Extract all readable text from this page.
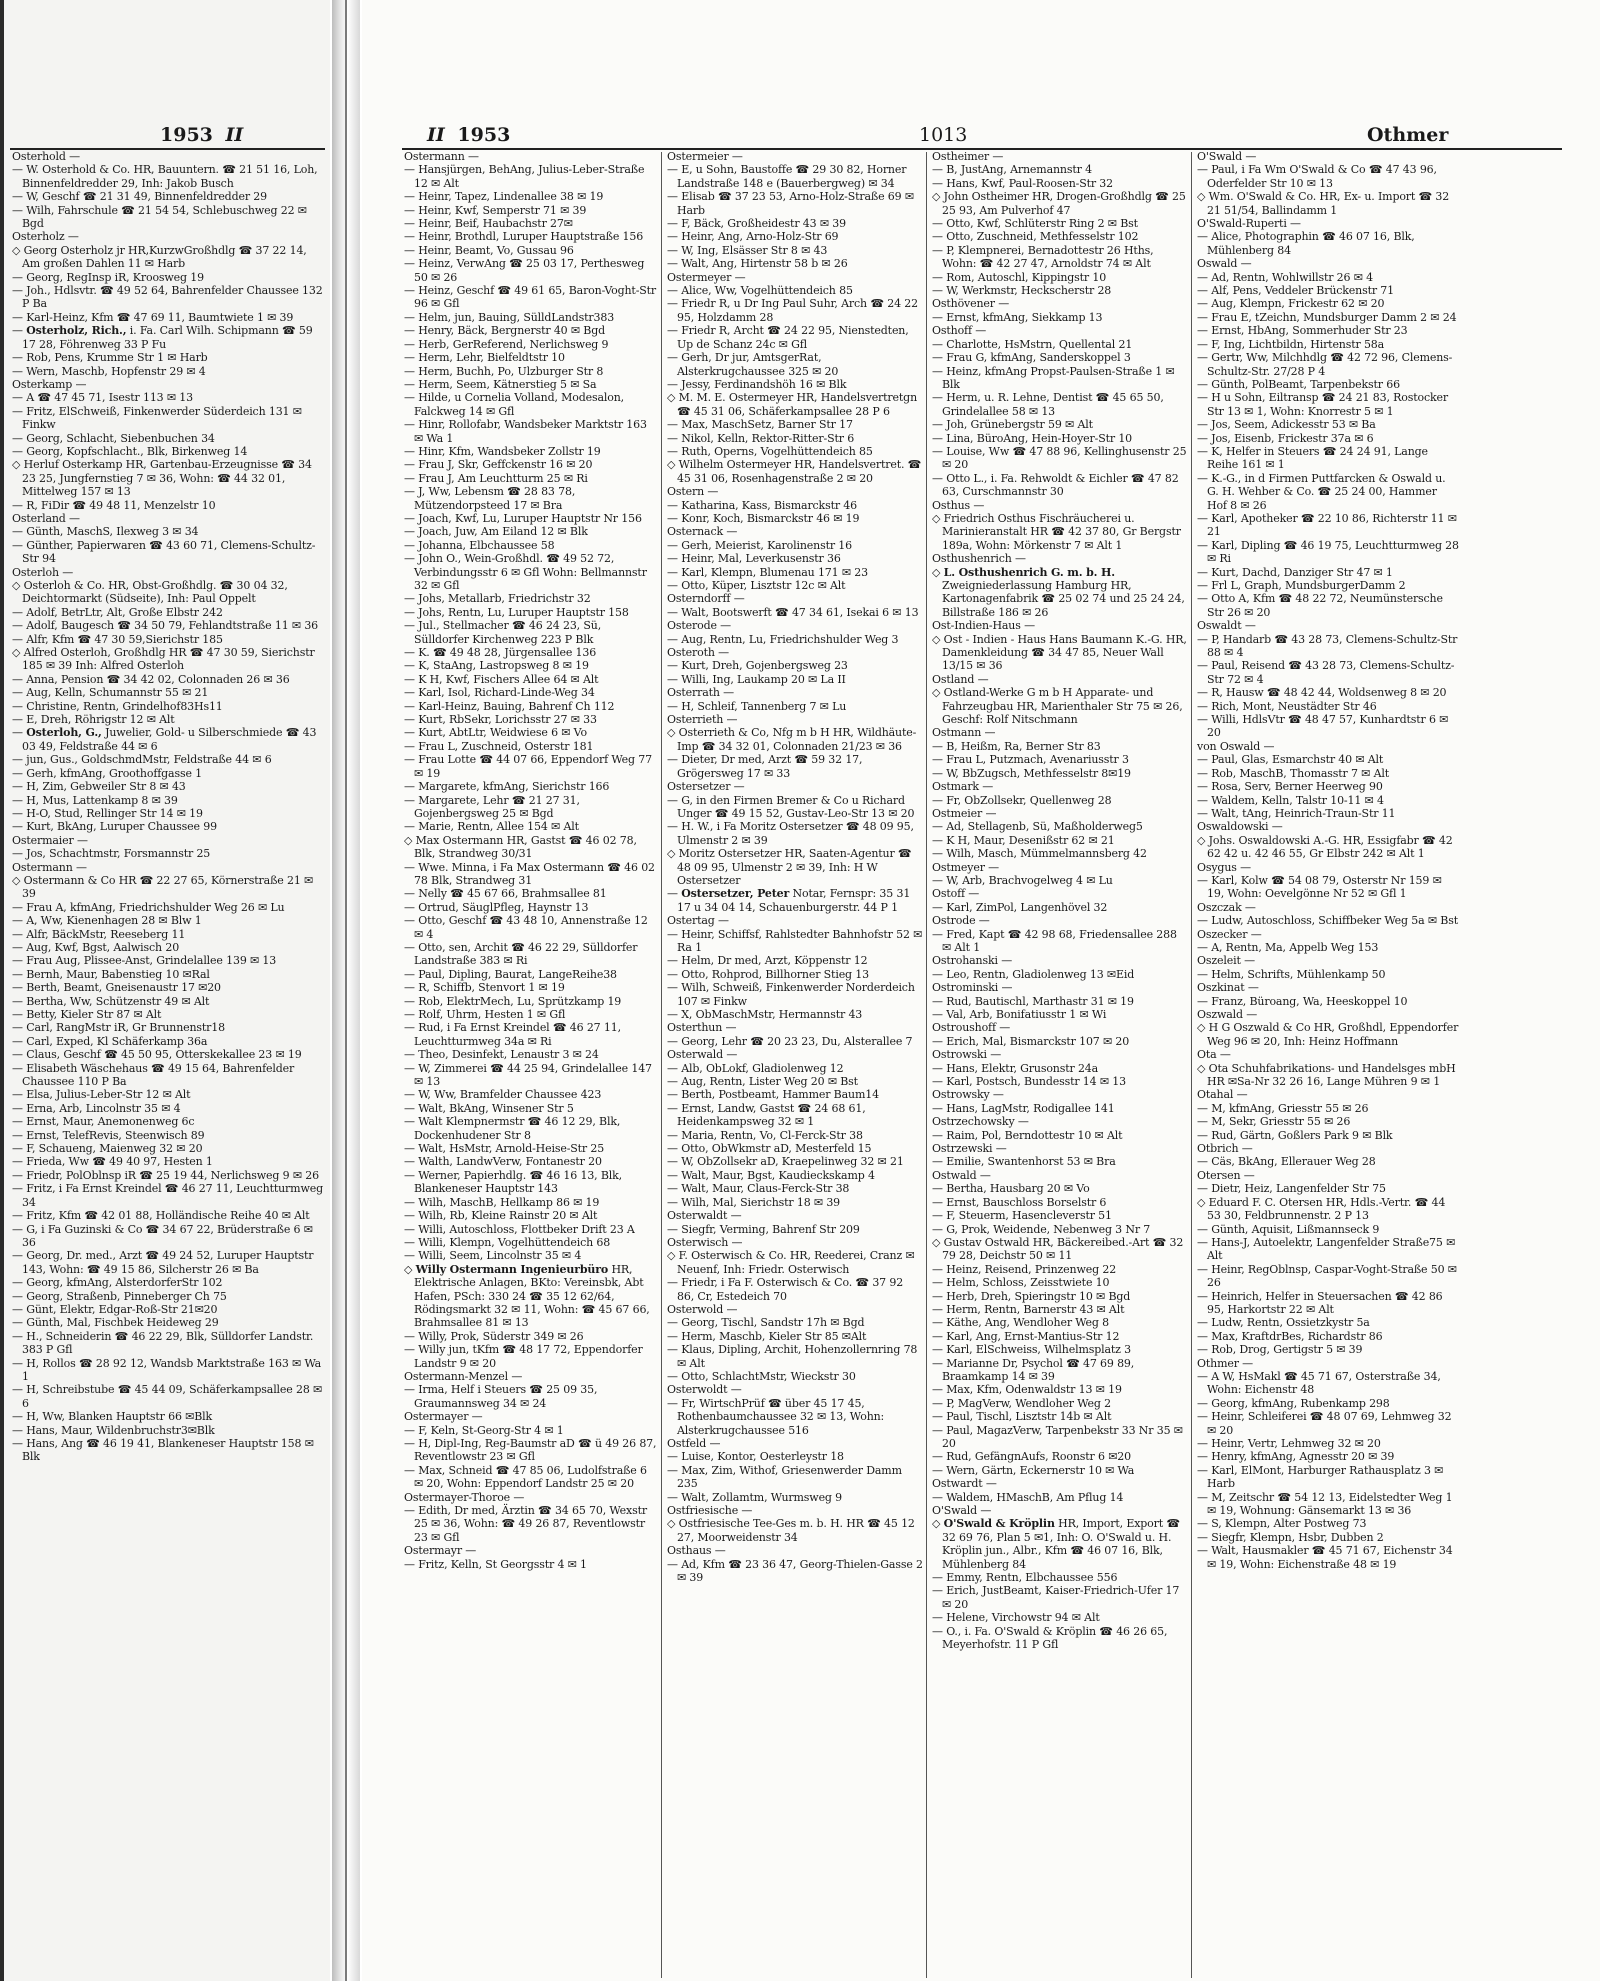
1953 II

Osterhold —

— W. Osterhold & Co. HR, Bauuntern. ☎ 21 51 16, Loh, Binnenfeldredder 29, Inh: Jakob Busch

— W, Geschf ☎ 21 31 49, Binnenfeldredder 29

— Wilh, Fahrschule ☎ 21 54 54, Schlebuschweg 22 ✉ Bgd

Osterholz —

◇ Georg Osterholz jr HR,KurzwGroßhdlg ☎ 37 22 14, Am großen Dahlen 11 ✉ Harb

— Georg, RegInsp iR, Kroosweg 19

— Joh., Hdlsvtr. ☎ 49 52 64, Bahrenfelder Chaussee 132 P Ba

— Karl-Heinz, Kfm ☎ 47 69 11, Baumtwiete 1 ✉ 39

— Osterholz, Rich., i. Fa. Carl Wilh. Schipmann ☎ 59 17 28, Föhrenweg 33 P Fu

— Rob, Pens, Krumme Str 1 ✉ Harb

— Wern, Maschb, Hopfenstr 29 ✉ 4

Osterkamp —

— A ☎ 47 45 71, Isestr 113 ✉ 13

— Fritz, ElSchweiß, Finkenwerder Süderdeich 131 ✉ Finkw

— Georg, Schlacht, Siebenbuchen 34

— Georg, Kopfschlacht., Blk, Birkenweg 14

◇ Herluf Osterkamp HR, Gartenbau-Erzeugnisse ☎ 34 23 25, Jungfernstieg 7 ✉ 36, Wohn: ☎ 44 32 01, Mittelweg 157 ✉ 13

— R, FiDir ☎ 49 48 11, Menzelstr 10

Osterland —

— Günth, MaschS, Ilexweg 3 ✉ 34

— Günther, Papierwaren ☎ 43 60 71, Clemens-Schultz-Str 94

Osterloh —

◇ Osterloh & Co. HR, Obst-Großhdlg. ☎ 30 04 32, Deichtormarkt (Südseite), Inh: Paul Oppelt

— Adolf, BetrLtr, Alt, Große Elbstr 242

— Adolf, Baugesch ☎ 34 50 79, Fehlandtstraße 11 ✉ 36

— Alfr, Kfm ☎ 47 30 59,Sierichstr 185

◇ Alfred Osterloh, Großhdlg HR ☎ 47 30 59, Sierichstr 185 ✉ 39 Inh: Alfred Osterloh

— Anna, Pension ☎ 34 42 02, Colonnaden 26 ✉ 36

— Aug, Kelln, Schumannstr 55 ✉ 21

— Christine, Rentn, Grindelhof83Hs11

— E, Dreh, Röhrigstr 12 ✉ Alt

— Osterloh, G., Juwelier, Gold- u Silberschmiede ☎ 43 03 49, Feldstraße 44 ✉ 6

— jun, Gus., GoldschmdMstr, Feldstraße 44 ✉ 6

— Gerh, kfmAng, Groothoffgasse 1

— H, Zim, Gebweiler Str 8 ✉ 43

— H, Mus, Lattenkamp 8 ✉ 39

— H-O, Stud, Rellinger Str 14 ✉ 19

— Kurt, BkAng, Luruper Chaussee 99

Ostermaier —

— Jos, Schachtmstr, Forsmannstr 25

Ostermann —

◇ Ostermann & Co HR ☎ 22 27 65, Körnerstraße 21 ✉ 39

— Frau A, kfmAng, Friedrichshulder Weg 26 ✉ Lu

— A, Ww, Kienenhagen 28 ✉ Blw 1

— Alfr, BäckMstr, Reeseberg 11

— Aug, Kwf, Bgst, Aalwisch 20

— Frau Aug, Plissee-Anst, Grindelallee 139 ✉ 13

— Bernh, Maur, Babenstieg 10 ✉Ral

— Berth, Beamt, Gneisenaustr 17 ✉20

— Bertha, Ww, Schützenstr 49 ✉ Alt

— Betty, Kieler Str 87 ✉ Alt

— Carl, RangMstr iR, Gr Brunnenstr18

— Carl, Exped, Kl Schäferkamp 36a

— Claus, Geschf ☎ 45 50 95, Otterskekallee 23 ✉ 19

— Elisabeth Wäschehaus ☎ 49 15 64, Bahrenfelder Chaussee 110 P Ba

— Elsa, Julius-Leber-Str 12 ✉ Alt

— Erna, Arb, Lincolnstr 35 ✉ 4

— Ernst, Maur, Anemonenweg 6c

— Ernst, TelefRevis, Steenwisch 89

— F, Schaueng, Maienweg 32 ✉ 20

— Frieda, Ww ☎ 49 40 97, Hesten 1

— Friedr, PolOblnsp iR ☎ 25 19 44, Nerlichsweg 9 ✉ 26

— Fritz, i Fa Ernst Kreindel ☎ 46 27 11, Leuchtturmweg 34

— Fritz, Kfm ☎ 42 01 88, Holländische Reihe 40 ✉ Alt

— G, i Fa Guzinski & Co ☎ 34 67 22, Brüderstraße 6 ✉ 36

— Georg, Dr. med., Arzt ☎ 49 24 52, Luruper Hauptstr 143, Wohn: ☎ 49 15 86, Silcherstr 26 ✉ Ba

— Georg, kfmAng, AlsterdorferStr 102

— Georg, Straßenb, Pinneberger Ch 75

— Günt, Elektr, Edgar-Roß-Str 21✉20

— Günth, Mal, Fischbek Heideweg 29

— H., Schneiderin ☎ 46 22 29, Blk, Sülldorfer Landstr. 383 P Gfl

— H, Rollos ☎ 28 92 12, Wandsb Marktstraße 163 ✉ Wa 1

— H, Schreibstube ☎ 45 44 09, Schäferkampsallee 28 ✉ 6

— H, Ww, Blanken Hauptstr 66 ✉Blk

— Hans, Maur, Wildenbruchstr3✉Blk

— Hans, Ang ☎ 46 19 41, Blankeneser Hauptstr 158 ✉ Blk

II 1953	1013	Othmer

Ostermann —

— Hansjürgen, BehAng, Julius-Leber-Straße 12 ✉ Alt

— Heinr, Tapez, Lindenallee 38 ✉ 19

— Heinr, Kwf, Semperstr 71 ✉ 39

— Heinr, Beif, Haubachstr 27✉

— Heinr, Brothdl, Luruper Hauptstraße 156

— Heinr, Beamt, Vo, Gussau 96

— Heinz, VerwAng ☎ 25 03 17, Perthesweg 50 ✉ 26

— Heinz, Geschf ☎ 49 61 65, Baron-Voght-Str 96 ✉ Gfl

— Helm, jun, Bauing, SülldLandstr383

— Henry, Bäck, Bergnerstr 40 ✉ Bgd

— Herb, GerReferend, Nerlichsweg 9

— Herm, Lehr, Bielfeldtstr 10

— Herm, Buchh, Po, Ulzburger Str 8

— Herm, Seem, Kätnerstieg 5 ✉ Sa

— Hilde, u Cornelia Volland, Modesalon, Falckweg 14 ✉ Gfl

— Hinr, Rollofabr, Wandsbeker Marktstr 163 ✉ Wa 1

— Hinr, Kfm, Wandsbeker Zollstr 19

— Frau J, Skr, Geffckenstr 16 ✉ 20

— Frau J, Am Leuchtturm 25 ✉ Ri

— J, Ww, Lebensm ☎ 28 83 78, Mützendorpsteed 17 ✉ Bra

— Joach, Kwf, Lu, Luruper Hauptstr Nr 156

— Joach, Juw, Am Eiland 12 ✉ Blk

— Johanna, Elbchaussee 58

— John O., Wein-Großhdl. ☎ 49 52 72, Verbindungsstr 6 ✉ Gfl Wohn: Bellmannstr 32 ✉ Gfl

— Johs, Metallarb, Friedrichstr 32

— Johs, Rentn, Lu, Luruper Hauptstr 158

— Jul., Stellmacher ☎ 46 24 23, Sü, Sülldorfer Kirchenweg 223 P Blk

— K. ☎ 49 48 28, Jürgensallee 136

— K, StaAng, Lastropsweg 8 ✉ 19

— K H, Kwf, Fischers Allee 64 ✉ Alt

— Karl, Isol, Richard-Linde-Weg 34

— Karl-Heinz, Bauing, Bahrenf Ch 112

— Kurt, RbSekr, Lorichsstr 27 ✉ 33

— Kurt, AbtLtr, Weidwiese 6 ✉ Vo

— Frau L, Zuschneid, Osterstr 181

— Frau Lotte ☎ 44 07 66, Eppendorf Weg 77 ✉ 19

— Margarete, kfmAng, Sierichstr 166

— Margarete, Lehr ☎ 21 27 31, Gojenbergsweg 25 ✉ Bgd

— Marie, Rentn, Allee 154 ✉ Alt

◇ Max Ostermann HR, Gastst ☎ 46 02 78, Blk, Strandweg 30/31

— Wwe. Minna, i Fa Max Ostermann ☎ 46 02 78 Blk, Strandweg 31

— Nelly ☎ 45 67 66, Brahmsallee 81

— Ortrud, SäuglPfleg, Haynstr 13

— Otto, Geschf ☎ 43 48 10, Annenstraße 12 ✉ 4

— Otto, sen, Archit ☎ 46 22 29, Sülldorfer Landstraße 383 ✉ Ri

— Paul, Dipling, Baurat, LangeReihe38

— R, Schiffb, Stenvort 1 ✉ 19

— Rob, ElektrMech, Lu, Sprützkamp 19

— Rolf, Uhrm, Hesten 1 ✉ Gfl

— Rud, i Fa Ernst Kreindel ☎ 46 27 11, Leuchtturmweg 34a ✉ Ri

— Theo, Desinfekt, Lenaustr 3 ✉ 24

— W, Zimmerei ☎ 44 25 94, Grindelallee 147 ✉ 13

— W, Ww, Bramfelder Chaussee 423

— Walt, BkAng, Winsener Str 5

— Walt Klempnermstr ☎ 46 12 29, Blk, Dockenhudener Str 8

— Walt, HsMstr, Arnold-Heise-Str 25

— Walth, LandwVerw, Fontanestr 20

— Werner, Papierhdlg. ☎ 46 16 13, Blk, Blankeneser Hauptstr 143

— Wilh, MaschB, Hellkamp 86 ✉ 19

— Wilh, Rb, Kleine Rainstr 20 ✉ Alt

— Willi, Autoschloss, Flottbeker Drift 23 A

— Willi, Klempn, Vogelhüttendeich 68

— Willi, Seem, Lincolnstr 35 ✉ 4

◇ Willy Ostermann Ingenieurbüro HR, Elektrische Anlagen, BKto: Vereinsbk, Abt Hafen, PSch: 330 24 ☎ 35 12 62/64, Rödingsmarkt 32 ✉ 11, Wohn: ☎ 45 67 66, Brahmsallee 81 ✉ 13

— Willy, Prok, Süderstr 349 ✉ 26

— Willy jun, tKfm ☎ 48 17 72, Eppendorfer Landstr 9 ✉ 20

Ostermann-Menzel —

— Irma, Helf i Steuers ☎ 25 09 35, Graumannsweg 34 ✉ 24

Ostermayer —

— F, Keln, St-Georg-Str 4 ✉ 1

— H, Dipl-Ing, Reg-Baumstr aD ☎ ü 49 26 87, Reventlowstr 23 ✉ Gfl

— Max, Schneid ☎ 47 85 06, Ludolfstraße 6 ✉ 20, Wohn: Eppendorf Landstr 25 ✉ 20

Ostermayer-Thoroe —

— Edith, Dr med, Ärztin ☎ 34 65 70, Wexstr 25 ✉ 36, Wohn: ☎ 49 26 87, Reventlowstr 23 ✉ Gfl

Ostermayr —

— Fritz, Kelln, St Georgsstr 4 ✉ 1

Ostermeier —

— E, u Sohn, Baustoffe ☎ 29 30 82, Horner Landstraße 148 e (Bauerbergweg) ✉ 34

— Elisab ☎ 37 23 53, Arno-Holz-Straße 69 ✉ Harb

— F, Bäck, Großheidestr 43 ✉ 39

— Heinr, Ang, Arno-Holz-Str 69

— W, Ing, Elsässer Str 8 ✉ 43

— Walt, Ang, Hirtenstr 58 b ✉ 26

Ostermeyer —

— Alice, Ww, Vogelhüttendeich 85

— Friedr R, u Dr Ing Paul Suhr, Arch ☎ 24 22 95, Holzdamm 28

— Friedr R, Archt ☎ 24 22 95, Nienstedten, Up de Schanz 24c ✉ Gfl

— Gerh, Dr jur, AmtsgerRat, Alsterkrugchaussee 325 ✉ 20

— Jessy, Ferdinandshöh 16 ✉ Blk

◇ M. M. E. Ostermeyer HR, Handelsvertretgn ☎ 45 31 06, Schäferkampsallee 28 P 6

— Max, MaschSetz, Barner Str 17

— Nikol, Kelln, Rektor-Ritter-Str 6

— Ruth, Operns, Vogelhüttendeich 85

◇ Wilhelm Ostermeyer HR, Handelsvertret. ☎ 45 31 06, Rosenhagenstraße 2 ✉ 20

Ostern —

— Katharina, Kass, Bismarckstr 46

— Konr, Koch, Bismarckstr 46 ✉ 19

Osternack —

— Gerh, Meierist, Karolinenstr 16

— Heinr, Mal, Leverkusenstr 36

— Karl, Klempn, Blumenau 171 ✉ 23

— Otto, Küper, Lisztstr 12c ✉ Alt

Osterndorff —

— Walt, Bootswerft ☎ 47 34 61, Isekai 6 ✉ 13

Osterode —

— Aug, Rentn, Lu, Friedrichshulder Weg 3

Osteroth —

— Kurt, Dreh, Gojenbergsweg 23

— Willi, Ing, Laukamp 20 ✉ La II

Osterrath —

— H, Schleif, Tannenberg 7 ✉ Lu

Osterrieth —

◇ Osterrieth & Co, Nfg m b H HR, Wildhäute-Imp ☎ 34 32 01, Colonnaden 21/23 ✉ 36

— Dieter, Dr med, Arzt ☎ 59 32 17, Grögersweg 17 ✉ 33

Ostersetzer —

— G, in den Firmen Bremer & Co u Richard Unger ☎ 49 15 52, Gustav-Leo-Str 13 ✉ 20

— H. W., i Fa Moritz Ostersetzer ☎ 48 09 95, Ulmenstr 2 ✉ 39

◇ Moritz Ostersetzer HR, Saaten-Agentur ☎ 48 09 95, Ulmenstr 2 ✉ 39, Inh: H W Ostersetzer

— Ostersetzer, Peter Notar, Fernspr: 35 31 17 u 34 04 14, Schauenburgerstr. 44 P 1

Ostertag —

— Heinr, Schiffsf, Rahlstedter Bahnhofstr 52 ✉ Ra 1

— Helm, Dr med, Arzt, Köppenstr 12

— Otto, Rohprod, Billhorner Stieg 13

— Wilh, Schweiß, Finkenwerder Norderdeich 107 ✉ Finkw

— X, ObMaschMstr, Hermannstr 43

Osterthun —

— Georg, Lehr ☎ 20 23 23, Du, Alsterallee 7

Osterwald —

— Alb, ObLokf, Gladiolenweg 12

— Aug, Rentn, Lister Weg 20 ✉ Bst

— Berth, Postbeamt, Hammer Baum14

— Ernst, Landw, Gastst ☎ 24 68 61, Heidenkampsweg 32 ✉ 1

— Maria, Rentn, Vo, Cl-Ferck-Str 38

— Otto, ObWkmstr aD, Mesterfeld 15

— W, ObZollsekr aD, Kraepelinweg 32 ✉ 21

— Walt, Maur, Bgst, Kaudieckskamp 4

— Walt, Maur, Claus-Ferck-Str 38

— Wilh, Mal, Sierichstr 18 ✉ 39

Osterwaldt —

— Siegfr, Verming, Bahrenf Str 209

Osterwisch —

◇ F. Osterwisch & Co. HR, Reederei, Cranz ✉ Neuenf, Inh: Friedr. Osterwisch

— Friedr, i Fa F. Osterwisch & Co. ☎ 37 92 86, Cr, Estedeich 70

Osterwold —

— Georg, Tischl, Sandstr 17h ✉ Bgd

— Herm, Maschb, Kieler Str 85 ✉Alt

— Klaus, Dipling, Archit, Hohenzollernring 78 ✉ Alt

— Otto, SchlachtMstr, Wieckstr 30

Osterwoldt —

— Fr, WirtschPrüf ☎ über 45 17 45, Rothenbaumchaussee 32 ✉ 13, Wohn: Alsterkrugchaussee 516

Ostfeld —

— Luise, Kontor, Oesterleystr 18

— Max, Zim, Withof, Griesenwerder Damm 235

— Walt, Zollamtm, Wurmsweg 9

Ostfriesische —

◇ Ostfriesische Tee-Ges m. b. H. HR ☎ 45 12 27, Moorweidenstr 34

Osthaus —

— Ad, Kfm ☎ 23 36 47, Georg-Thielen-Gasse 2 ✉ 39

Ostheimer —

— B, JustAng, Arnemannstr 4

— Hans, Kwf, Paul-Roosen-Str 32

◇ John Ostheimer HR, Drogen-Großhdlg ☎ 25 25 93, Am Pulverhof 47

— Otto, Kwf, Schlüterstr Ring 2 ✉ Bst

— Otto, Zuschneid, Methfesselstr 102

— P, Klempnerei, Bernadottestr 26 Hths, Wohn: ☎ 42 27 47, Arnoldstr 74 ✉ Alt

— Rom, Autoschl, Kippingstr 10

— W, Werkmstr, Heckscherstr 28

Osthövener —

— Ernst, kfmAng, Siekkamp 13

Osthoff —

— Charlotte, HsMstrn, Quellental 21

— Frau G, kfmAng, Sanderskoppel 3

— Heinz, kfmAng Propst-Paulsen-Straße 1 ✉ Blk

— Herm, u. R. Lehne, Dentist ☎ 45 65 50, Grindelallee 58 ✉ 13

— Joh, Grünebergstr 59 ✉ Alt

— Lina, BüroAng, Hein-Hoyer-Str 10

— Louise, Ww ☎ 47 88 96, Kellinghusenstr 25 ✉ 20

— Otto L., i. Fa. Rehwoldt & Eichler ☎ 47 82 63, Curschmannstr 30

Osthus —

◇ Friedrich Osthus Fischräucherei u. Marinieranstalt HR ☎ 42 37 80, Gr Bergstr 189a, Wohn: Mörkenstr 7 ✉ Alt 1

Osthushenrich —

◇ L. Osthushenrich G. m. b. H. Zweigniederlassung Hamburg HR, Kartonagenfabrik ☎ 25 02 74 und 25 24 24, Billstraße 186 ✉ 26

Ost-Indien-Haus —

◇ Ost - Indien - Haus Hans Baumann K.-G. HR, Damenkleidung ☎ 34 47 85, Neuer Wall 13/15 ✉ 36

Ostland —

◇ Ostland-Werke G m b H Apparate- und Fahrzeugbau HR, Marienthaler Str 75 ✉ 26, Geschf: Rolf Nitschmann

Ostmann —

— B, Heißm, Ra, Berner Str 83

— Frau L, Putzmach, Avenariusstr 3

— W, BbZugsch, Methfesselstr 8✉19

Ostmark —

— Fr, ObZollsekr, Quellenweg 28

Ostmeier —

— Ad, Stellagenb, Sü, Maßholderweg5

— K H, Maur, Desenißstr 62 ✉ 21

— Wilh, Masch, Mümmelmannsberg 42

Ostmeyer —

— W, Arb, Brachvogelweg 4 ✉ Lu

Ostoff —

— Karl, ZimPol, Langenhövel 32

Ostrode —

— Fred, Kapt ☎ 42 98 68, Friedensallee 288 ✉ Alt 1

Ostrohanski —

— Leo, Rentn, Gladiolenweg 13 ✉Eid

Ostrominski —

— Rud, Bautischl, Marthastr 31 ✉ 19

— Val, Arb, Bonifatiusstr 1 ✉ Wi

Ostroushoff —

— Erich, Mal, Bismarckstr 107 ✉ 20

Ostrowski —

— Hans, Elektr, Grusonstr 24a

— Karl, Postsch, Bundesstr 14 ✉ 13

Ostrowsky —

— Hans, LagMstr, Rodigallee 141

Ostrzechowsky —

— Raim, Pol, Berndottestr 10 ✉ Alt

Ostrzewski —

— Emilie, Swantenhorst 53 ✉ Bra

Ostwald —

— Bertha, Hausbarg 20 ✉ Vo

— Ernst, Bauschloss Borselstr 6

— F, Steuerm, Hasencleverstr 51

— G, Prok, Weidende, Nebenweg 3 Nr 7

◇ Gustav Ostwald HR, Bäckereibed.-Art ☎ 32 79 28, Deichstr 50 ✉ 11

— Heinz, Reisend, Prinzenweg 22

— Helm, Schloss, Zeisstwiete 10

— Herb, Dreh, Spieringstr 10 ✉ Bgd

— Herm, Rentn, Barnerstr 43 ✉ Alt

— Käthe, Ang, Wendloher Weg 8

— Karl, Ang, Ernst-Mantius-Str 12

— Karl, ElSchweiss, Wilhelmsplatz 3

— Marianne Dr, Psychol ☎ 47 69 89, Braamkamp 14 ✉ 39

— Max, Kfm, Odenwaldstr 13 ✉ 19

— P, MagVerw, Wendloher Weg 2

— Paul, Tischl, Lisztstr 14b ✉ Alt

— Paul, MagazVerw, Tarpenbekstr 33 Nr 35 ✉ 20

— Rud, GefängnAufs, Roonstr 6 ✉20

— Wern, Gärtn, Eckernerstr 10 ✉ Wa

Ostwardt —

— Waldem, HMaschB, Am Pflug 14

O'Swald —

◇ O'Swald & Kröplin HR, Import, Export ☎ 32 69 76, Plan 5 ✉1, Inh: O. O'Swald u. H. Kröplin jun., Albr., Kfm ☎ 46 07 16, Blk, Mühlenberg 84

— Emmy, Rentn, Elbchaussee 556

— Erich, JustBeamt, Kaiser-Friedrich-Ufer 17 ✉ 20

— Helene, Virchowstr 94 ✉ Alt

— O., i. Fa. O'Swald & Kröplin ☎ 46 26 65, Meyerhofstr. 11 P Gfl

O'Swald —

— Paul, i Fa Wm O'Swald & Co ☎ 47 43 96, Oderfelder Str 10 ✉ 13

◇ Wm. O'Swald & Co. HR, Ex- u. Import ☎ 32 21 51/54, Ballindamm 1

O'Swald-Ruperti —

— Alice, Photographin ☎ 46 07 16, Blk, Mühlenberg 84

Oswald —

— Ad, Rentn, Wohlwillstr 26 ✉ 4

— Alf, Pens, Veddeler Brückenstr 71

— Aug, Klempn, Frickestr 62 ✉ 20

— Frau E, tZeichn, Mundsburger Damm 2 ✉ 24

— Ernst, HbAng, Sommerhuder Str 23

— F, Ing, Lichtbildn, Hirtenstr 58a

— Gertr, Ww, Milchhdlg ☎ 42 72 96, Clemens-Schultz-Str. 27/28 P 4

— Günth, PolBeamt, Tarpenbekstr 66

— H u Sohn, Eiltransp ☎ 24 21 83, Rostocker Str 13 ✉ 1, Wohn: Knorrestr 5 ✉ 1

— Jos, Seem, Adickesstr 53 ✉ Ba

— Jos, Eisenb, Frickestr 37a ✉ 6

— K, Helfer in Steuers ☎ 24 24 91, Lange Reihe 161 ✉ 1

— K.-G., in d Firmen Puttfarcken & Oswald u. G. H. Wehber & Co. ☎ 25 24 00, Hammer Hof 8 ✉ 26

— Karl, Apotheker ☎ 22 10 86, Richterstr 11 ✉ 21

— Karl, Dipling ☎ 46 19 75, Leuchtturmweg 28 ✉ Ri

— Kurt, Dachd, Danziger Str 47 ✉ 1

— Frl L, Graph, MundsburgerDamm 2

— Otto A, Kfm ☎ 48 22 72, Neumünstersche Str 26 ✉ 20

Oswaldt —

— P, Handarb ☎ 43 28 73, Clemens-Schultz-Str 88 ✉ 4

— Paul, Reisend ☎ 43 28 73, Clemens-Schultz-Str 72 ✉ 4

— R, Hausw ☎ 48 42 44, Woldsenweg 8 ✉ 20

— Rich, Mont, Neustädter Str 46

— Willi, HdlsVtr ☎ 48 47 57, Kunhardtstr 6 ✉ 20

von Oswald —

— Paul, Glas, Esmarchstr 40 ✉ Alt

— Rob, MaschB, Thomasstr 7 ✉ Alt

— Rosa, Serv, Berner Heerweg 90

— Waldem, Kelln, Talstr 10-11 ✉ 4

— Walt, tAng, Heinrich-Traun-Str 11

Oswaldowski —

◇ Johs. Oswaldowski A.-G. HR, Essigfabr ☎ 42 62 42 u. 42 46 55, Gr Elbstr 242 ✉ Alt 1

Osygus —

— Karl, Kolw ☎ 54 08 79, Osterstr Nr 159 ✉ 19, Wohn: Oevelgönne Nr 52 ✉ Gfl 1

Oszczak —

— Ludw, Autoschloss, Schiffbeker Weg 5a ✉ Bst

Oszecker —

— A, Rentn, Ma, Appelb Weg 153

Oszeleit —

— Helm, Schrifts, Mühlenkamp 50

Oszkinat —

— Franz, Büroang, Wa, Heeskoppel 10

Oszwald —

◇ H G Oszwald & Co HR, Großhdl, Eppendorfer Weg 96 ✉ 20, Inh: Heinz Hoffmann

Ota —

◇ Ota Schuhfabrikations- und Handelsges mbH HR ✉Sa-Nr 32 26 16, Lange Mühren 9 ✉ 1

Otahal —

— M, kfmAng, Griesstr 55 ✉ 26

— M, Sekr, Griesstr 55 ✉ 26

— Rud, Gärtn, Goßlers Park 9 ✉ Blk

Otbrich —

— Cäs, BkAng, Ellerauer Weg 28

Otersen —

— Dietr, Heiz, Langenfelder Str 75

◇ Eduard F. C. Otersen HR, Hdls.-Vertr. ☎ 44 53 30, Feldbrunnenstr. 2 P 13

— Günth, Aquisit, Lißmannseck 9

— Hans-J, Autoelektr, Langenfelder Straße75 ✉ Alt

— Heinr, RegOblnsp, Caspar-Voght-Straße 50 ✉ 26

— Heinrich, Helfer in Steuersachen ☎ 42 86 95, Harkortstr 22 ✉ Alt

— Ludw, Rentn, Ossietzkystr 5a

— Max, KraftdrBes, Richardstr 86

— Rob, Drog, Gertigstr 5 ✉ 39

Othmer —

— A W, HsMakl ☎ 45 71 67, Osterstraße 34, Wohn: Eichenstr 48

— Georg, kfmAng, Rubenkamp 298

— Heinr, Schleiferei ☎ 48 07 69, Lehmweg 32 ✉ 20

— Heinr, Vertr, Lehmweg 32 ✉ 20

— Henry, kfmAng, Agnesstr 20 ✉ 39

— Karl, ElMont, Harburger Rathausplatz 3 ✉ Harb

— M, Zeitschr ☎ 54 12 13, Eidelstedter Weg 1 ✉ 19, Wohnung: Gänsemarkt 13 ✉ 36

— S, Klempn, Alter Postweg 73

— Siegfr, Klempn, Hsbr, Dubben 2

— Walt, Hausmakler ☎ 45 71 67, Eichenstr 34 ✉ 19, Wohn: Eichenstraße 48 ✉ 19
